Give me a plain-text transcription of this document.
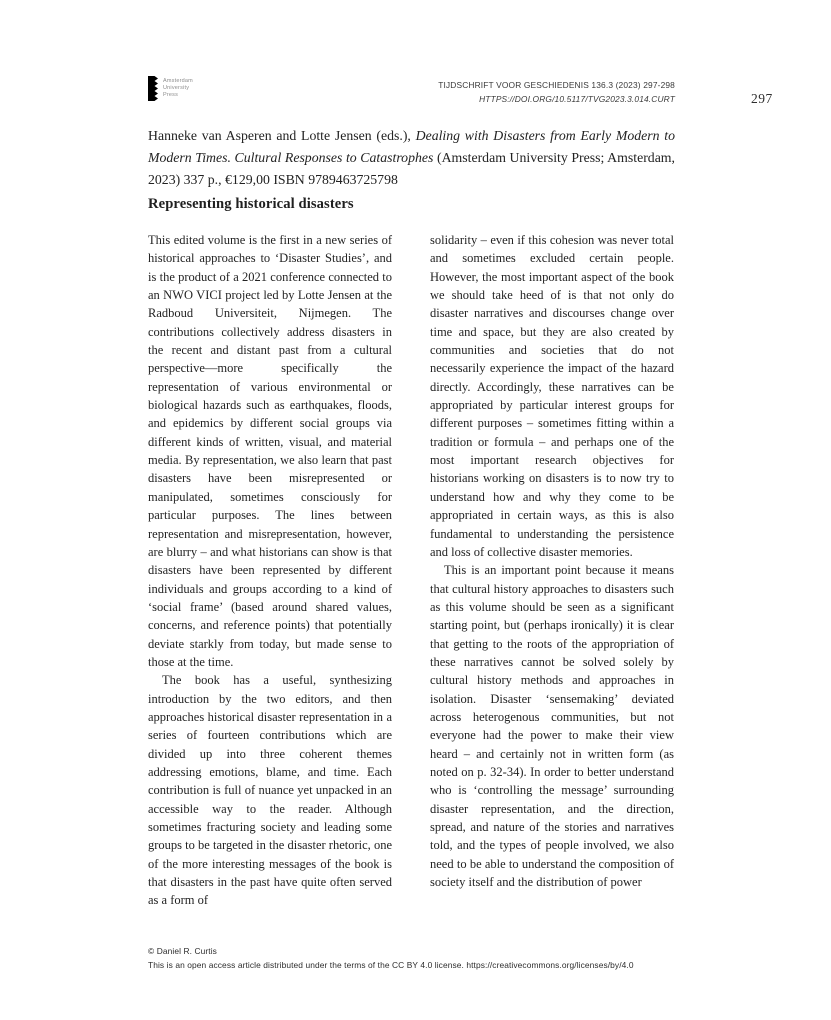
Amsterdam
University
Press
TIJDSCHRIFT VOOR GESCHIEDENIS 136.3 (2023) 297-298
HTTPS://DOI.ORG/10.5117/TVG2023.3.014.CURT	297
Hanneke van Asperen and Lotte Jensen (eds.), Dealing with Disasters from Early Modern to Modern Times. Cultural Responses to Catastrophes (Amsterdam University Press; Amsterdam, 2023) 337 p., €129,00 ISBN 9789463725798
Representing historical disasters

This edited volume is the first in a new series of historical approaches to ‘Disaster Studies’, and is the product of a 2021 conference connected to an NWO VICI project led by Lotte Jensen at the Radboud Universiteit, Nijmegen. The contributions collectively address disasters in the recent and distant past from a cultural perspective—more specifically the representation of various environmental or biological hazards such as earthquakes, floods, and epidemics by different social groups via different kinds of written, visual, and material media. By representation, we also learn that past disasters have been misrepresented or manipulated, sometimes consciously for particular purposes. The lines between representation and misrepresentation, however, are blurry – and what historians can show is that disasters have been represented by different individuals and groups according to a kind of ‘social frame’ (based around shared values, concerns, and reference points) that potentially deviate starkly from today, but made sense to those at the time.

The book has a useful, synthesizing introduction by the two editors, and then approaches historical disaster representation in a series of fourteen contributions which are divided up into three coherent themes addressing emotions, blame, and time. Each contribution is full of nuance yet unpacked in an accessible way to the reader. Although sometimes fracturing society and leading some groups to be targeted in the disaster rhetoric, one of the more interesting messages of the book is that disasters in the past have quite often served as a form of

solidarity – even if this cohesion was never total and sometimes excluded certain people. However, the most important aspect of the book we should take heed of is that not only do disaster narratives and discourses change over time and space, but they are also created by communities and societies that do not necessarily experience the impact of the hazard directly. Accordingly, these narratives can be appropriated by particular interest groups for different purposes – sometimes fitting within a tradition or formula – and perhaps one of the most important research objectives for historians working on disasters is to now try to understand how and why they come to be appropriated in certain ways, as this is also fundamental to understanding the persistence and loss of collective disaster memories.

This is an important point because it means that cultural history approaches to disasters such as this volume should be seen as a significant starting point, but (perhaps ironically) it is clear that getting to the roots of the appropriation of these narratives cannot be solved solely by cultural history methods and approaches in isolation. Disaster ‘sensemaking’ deviated across heterogenous communities, but not everyone had the power to make their view heard – and certainly not in written form (as noted on p. 32-34). In order to better understand who is ‘controlling the message’ surrounding disaster representation, and the direction, spread, and nature of the stories and narratives told, and the types of people involved, we also need to be able to understand the composition of society itself and the distribution of power

© Daniel R. Curtis
This is an open access article distributed under the terms of the CC BY 4.0 license. https://creativecommons.org/licenses/by/4.0
